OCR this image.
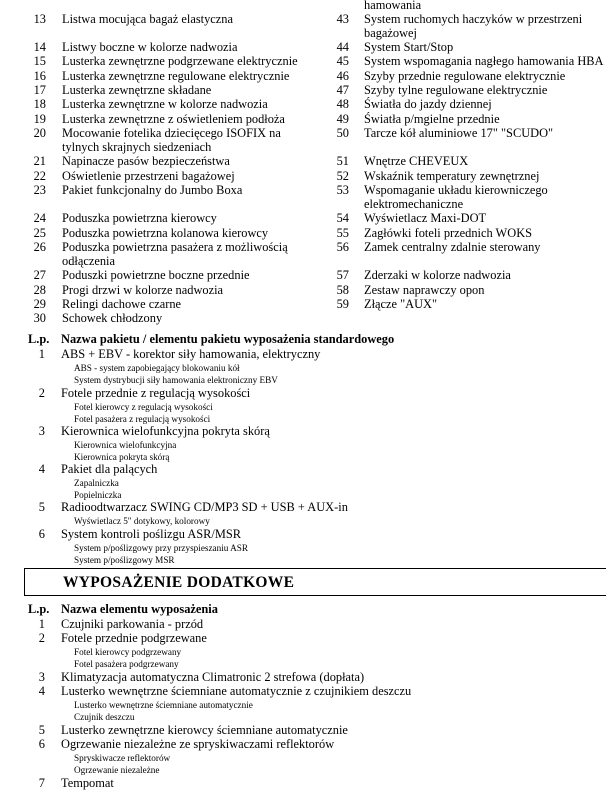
13 Listwa mocująca bagaż elastyczna
14 Listwy boczne w kolorze nadwozia
15 Lusterka zewnętrzne podgrzewane elektrycznie
16 Lusterka zewnętrzne regulowane elektrycznie
17 Lusterka zewnętrzne składane
18 Lusterka zewnętrzne w kolorze nadwozia
19 Lusterka zewnętrzne z oświetleniem podłoża
20 Mocowanie fotelika dziecięcego ISOFIX na
tylnych skrajnych siedzeniach
21 Napinacze pasów bezpieczeństwa
22 Oświetlenie przestrzeni bagażowej
23 Pakiet funkcjonalny do Jumbo Boxa
24 Poduszka powietrzna kierowcy
25 Poduszka powietrzna kolanowa kierowcy
26 Poduszka powietrzna pasażera z możliwością
odłączenia
27 Poduszki powietrzne boczne przednie
28 Progi drzwi w kolorze nadwozia
29 Relingi dachowe czarne
30 Schowek chłodzony
hamowania
43 System ruchomych haczyków w przestrzeni
bagażowej
44 System Start/Stop
45 System wspomagania nagłego hamowania HBA
46 Szyby przednie regulowane elektrycznie
47 Szyby tylne regulowane elektrycznie
48 Światła do jazdy dziennej
49 Światła p/mgielne przednie
50 Tarcze kół aluminiowe 17" "SCUDO"
51 Wnętrze CHEVEUX
52 Wskaźnik temperatury zewnętrznej
53 Wspomaganie układu kierowniczego
elektromechaniczne
54 Wyświetlacz Maxi-DOT
55 Zagłówki foteli przednich WOKS
56 Zamek centralny zdalnie sterowany
57 Zderzaki w kolorze nadwozia
58 Zestaw naprawczy opon
59 Złącze "AUX"
L.p. Nazwa pakietu / elementu pakietu wyposażenia standardowego
1 ABS + EBV - korektor siły hamowania, elektryczny
ABS - system zapobiegający blokowaniu kół
System dystrybucji siły hamowania elektroniczny EBV
2 Fotele przednie z regulacją wysokości
Fotel kierowcy z regulacją wysokości
Fotel pasażera z regulacją wysokości
3 Kierownica wielofunkcyjna pokryta skórą
Kierownica wielofunkcyjna
Kierownica pokryta skórą
4 Pakiet dla palących
Zapalniczka
Popielniczka
5 Radioodtwarzacz SWING CD/MP3 SD + USB + AUX-in
Wyświetlacz 5" dotykowy, kolorowy
6 System kontroli poślizgu ASR/MSR
System p/poślizgowy przy przyspieszaniu ASR
System p/poślizgowy MSR
WYPOSAŻENIE DODATKOWE
L.p. Nazwa elementu wyposażenia
1 Czujniki parkowania - przód
2 Fotele przednie podgrzewane
Fotel kierowcy podgrzewany
Fotel pasażera podgrzewany
3 Klimatyzacja automatyczna Climatronic 2 strefowa (dopłata)
4 Lusterko wewnętrzne ściemniane automatycznie z czujnikiem deszczu
Lusterko wewnętrzne ściemniane automatycznie
Czujnik deszczu
5 Lusterko zewnętrzne kierowcy ściemniane automatycznie
6 Ogrzewanie niezależne ze spryskiwaczami reflektorów
Spryskiwacze reflektorów
Ogrzewanie niezależne
7 Tempomat
